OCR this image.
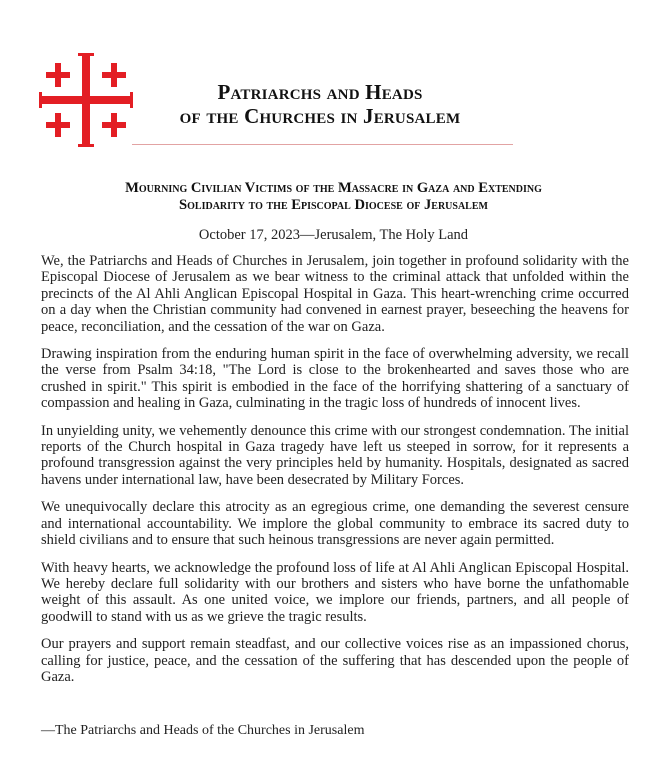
Patriarchs and Heads
of the Churches in Jerusalem
Mourning Civilian Victims of the Massacre in Gaza and Extending
Solidarity to the Episcopal Diocese of Jerusalem
October 17, 2023—Jerusalem, The Holy Land

We, the Patriarchs and Heads of Churches in Jerusalem, join together in profound solidarity with the Episcopal Diocese of Jerusalem as we bear witness to the criminal attack that unfolded within the precincts of the Al Ahli Anglican Episcopal Hospital in Gaza. This heart-wrenching crime occurred on a day when the Christian community had convened in earnest prayer, beseeching the heavens for peace, reconciliation, and the cessation of the war on Gaza.

Drawing inspiration from the enduring human spirit in the face of overwhelming adversity, we recall the verse from Psalm 34:18, "The Lord is close to the brokenhearted and saves those who are crushed in spirit." This spirit is embodied in the face of the horrifying shattering of a sanctuary of compassion and healing in Gaza, culminating in the tragic loss of hundreds of innocent lives.

In unyielding unity, we vehemently denounce this crime with our strongest condemnation. The initial reports of the Church hospital in Gaza tragedy have left us steeped in sorrow, for it represents a profound transgression against the very principles held by humanity. Hospitals, designated as sacred havens under international law, have been desecrated by Military Forces.

We unequivocally declare this atrocity as an egregious crime, one demanding the severest censure and international accountability. We implore the global community to embrace its sacred duty to shield civilians and to ensure that such heinous transgressions are never again permitted.

With heavy hearts, we acknowledge the profound loss of life at Al Ahli Anglican Episcopal Hospital. We hereby declare full solidarity with our brothers and sisters who have borne the unfathomable weight of this assault. As one united voice, we implore our friends, partners, and all people of goodwill to stand with us as we grieve the tragic results.

Our prayers and support remain steadfast, and our collective voices rise as an impassioned chorus, calling for justice, peace, and the cessation of the suffering that has descended upon the people of Gaza.

—The Patriarchs and Heads of the Churches in Jerusalem
